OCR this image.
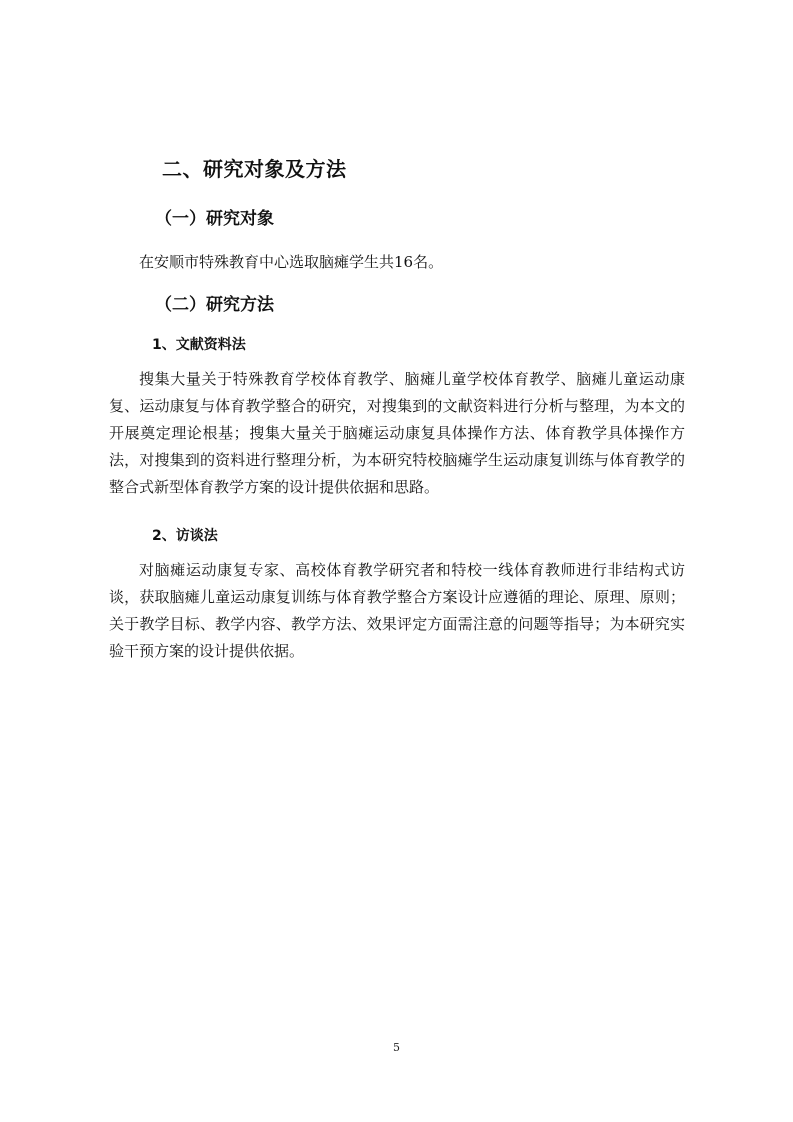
二、研究对象及方法
（一）研究对象

在安顺市特殊教育中心选取脑瘫学生共16名。

（二）研究方法
1、文献资料法

搜集大量关于特殊教育学校体育教学、脑瘫儿童学校体育教学、脑瘫儿童运动康复、运动康复与体育教学整合的研究，对搜集到的文献资料进行分析与整理，为本文的开展奠定理论根基；搜集大量关于脑瘫运动康复具体操作方法、体育教学具体操作方法，对搜集到的资料进行整理分析，为本研究特校脑瘫学生运动康复训练与体育教学的整合式新型体育教学方案的设计提供依据和思路。

2、访谈法

对脑瘫运动康复专家、高校体育教学研究者和特校一线体育教师进行非结构式访谈，获取脑瘫儿童运动康复训练与体育教学整合方案设计应遵循的理论、原理、原则；关于教学目标、教学内容、教学方法、效果评定方面需注意的问题等指导；为本研究实验干预方案的设计提供依据。

5
